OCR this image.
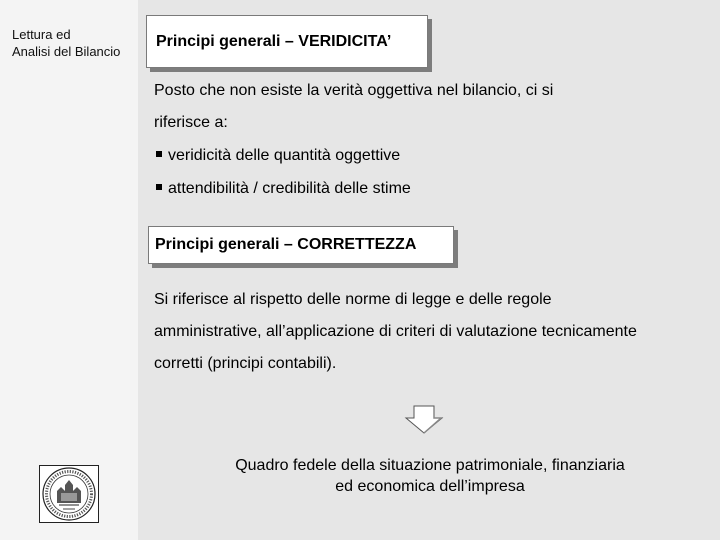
Lettura ed
Analisi del Bilancio
Principi generali – VERIDICITA’
Posto che non esiste la verità oggettiva nel bilancio, ci si
riferisce a:
veridicità delle quantità oggettive
attendibilità / credibilità delle stime
Principi generali – CORRETTEZZA
Si riferisce al rispetto delle norme di legge e delle regole
amministrative, all’applicazione di criteri di valutazione tecnicamente
corretti (principi contabili).
Quadro fedele della situazione patrimoniale, finanziaria
ed economica dell’impresa
